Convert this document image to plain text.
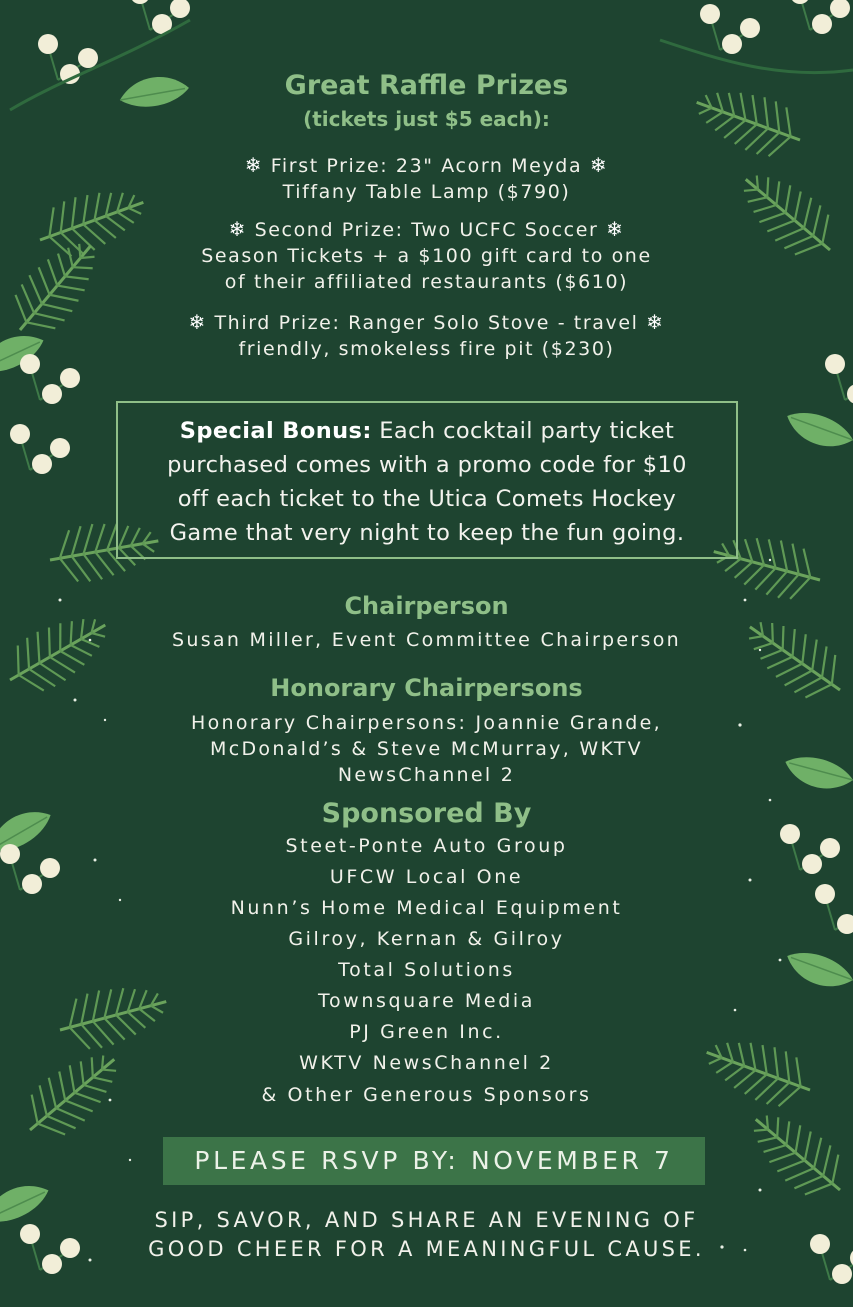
Great Raffle Prizes
(tickets just $5 each):
❄ First Prize: 23" Acorn Meyda ❄
Tiffany Table Lamp ($790)
❄ Second Prize: Two UCFC Soccer ❄
Season Tickets + a $100 gift card to one
of their affiliated restaurants ($610)
❄ Third Prize: Ranger Solo Stove - travel ❄
friendly, smokeless fire pit ($230)
Special Bonus: Each cocktail party ticket
purchased comes with a promo code for $10
off each ticket to the Utica Comets Hockey
Game that very night to keep the fun going.
Chairperson
Susan Miller, Event Committee Chairperson
Honorary Chairpersons
Honorary Chairpersons: Joannie Grande,
McDonald’s & Steve McMurray, WKTV
NewsChannel 2
Sponsored By
Steet-Ponte Auto Group
UFCW Local One
Nunn’s Home Medical Equipment
Gilroy, Kernan & Gilroy
Total Solutions
Townsquare Media
PJ Green Inc.
WKTV NewsChannel 2
& Other Generous Sponsors
PLEASE RSVP BY: NOVEMBER 7
SIP, SAVOR, AND SHARE AN EVENING OF
GOOD CHEER FOR A MEANINGFUL CAUSE.
